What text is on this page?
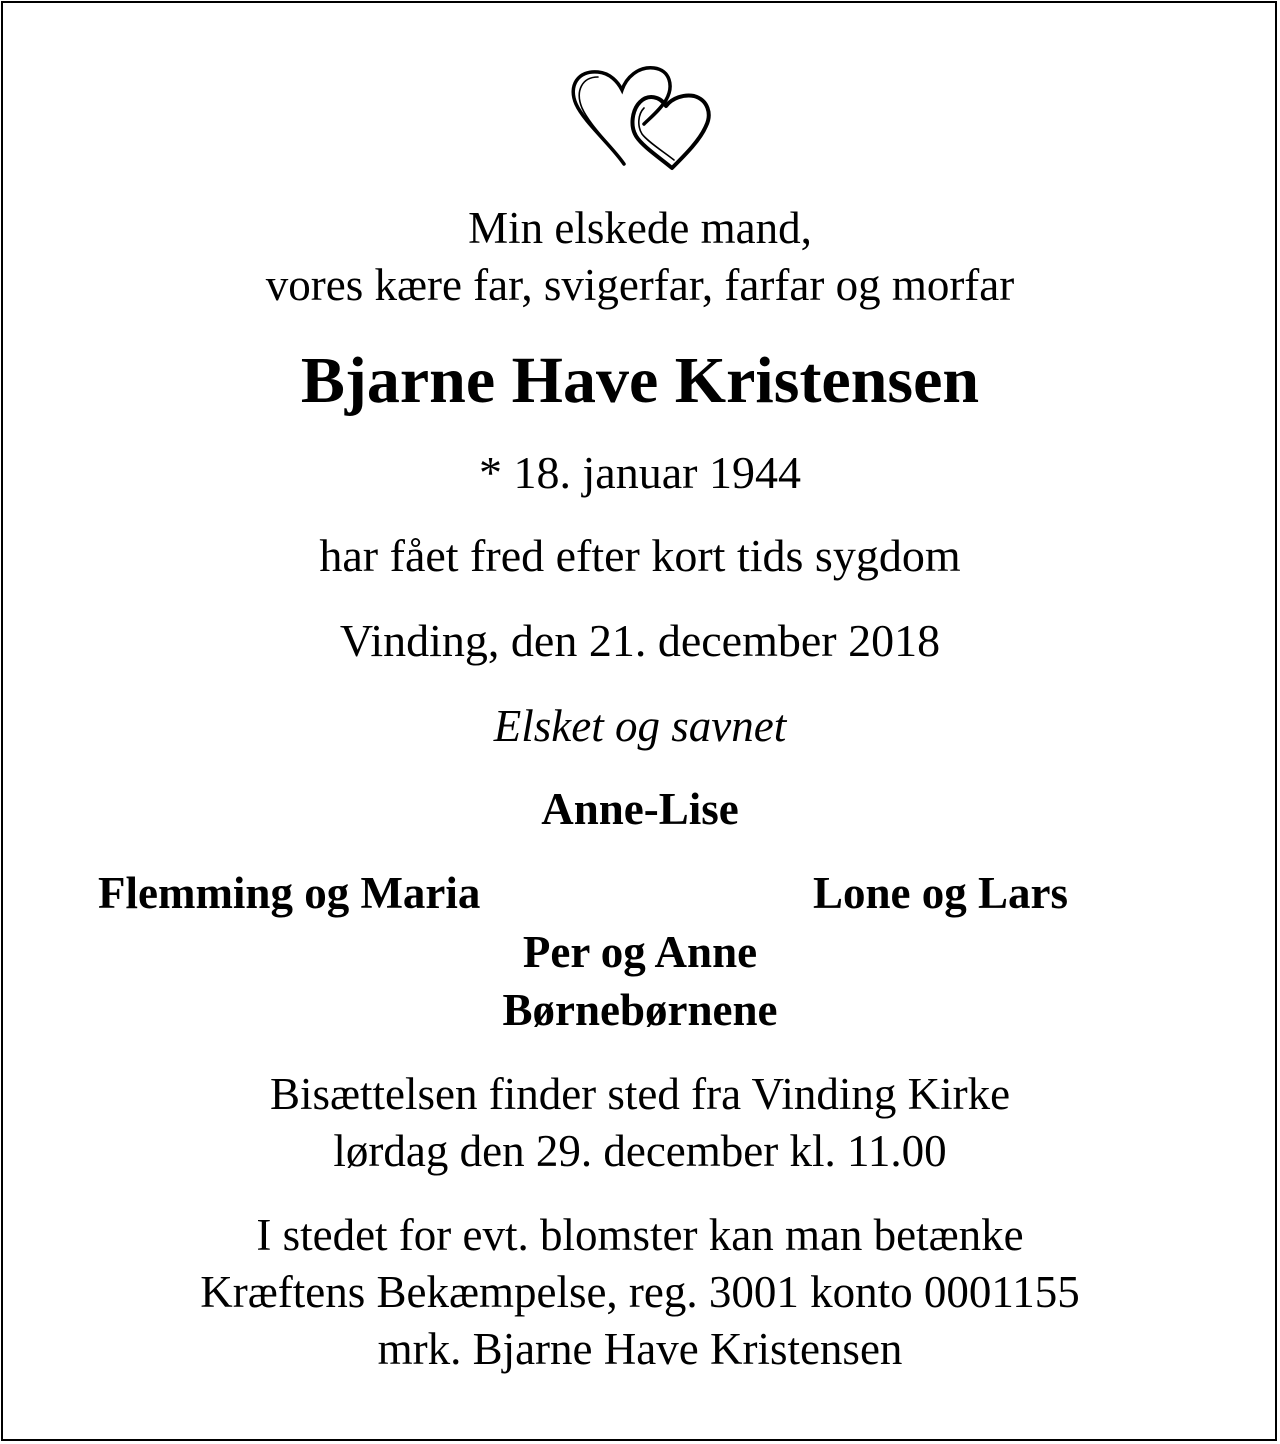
Min elskede mand,
vores kære far, svigerfar, farfar og morfar
Bjarne Have Kristensen
* 18. januar 1944
har fået fred efter kort tids sygdom
Vinding, den 21. december 2018
Elsket og savnet
Anne-Lise
Flemming og Maria	Lone og Lars
Per og Anne
Børnebørnene
Bisættelsen finder sted fra Vinding Kirke
lørdag den 29. december kl. 11.00
I stedet for evt. blomster kan man betænke
Kræftens Bekæmpelse, reg. 3001 konto 0001155
mrk. Bjarne Have Kristensen
